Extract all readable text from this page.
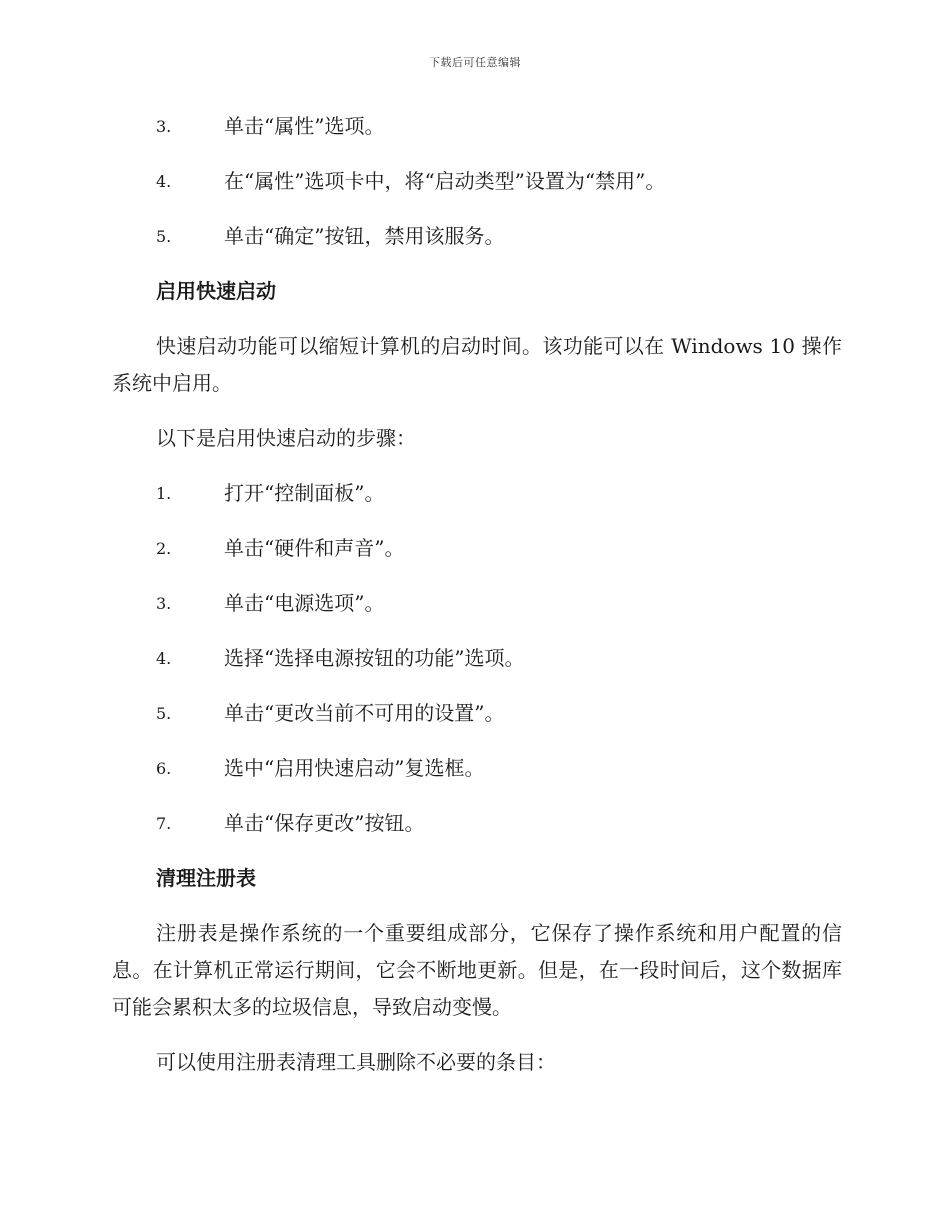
下载后可任意编辑
3.	单击“属性”选项。
4.	在“属性”选项卡中，将“启动类型”设置为“禁用”。
5.	单击“确定”按钮，禁用该服务。
启用快速启动
快速启动功能可以缩短计算机的启动时间。该功能可以在 Windows 10 操作系统中启用。
以下是启用快速启动的步骤：
1.	打开“控制面板”。
2.	单击“硬件和声音”。
3.	单击“电源选项”。
4.	选择“选择电源按钮的功能”选项。
5.	单击“更改当前不可用的设置”。
6.	选中“启用快速启动”复选框。
7.	单击“保存更改”按钮。
清理注册表
注册表是操作系统的一个重要组成部分，它保存了操作系统和用户配置的信息。在计算机正常运行期间，它会不断地更新。但是，在一段时间后，这个数据库可能会累积太多的垃圾信息，导致启动变慢。
可以使用注册表清理工具删除不必要的条目：
